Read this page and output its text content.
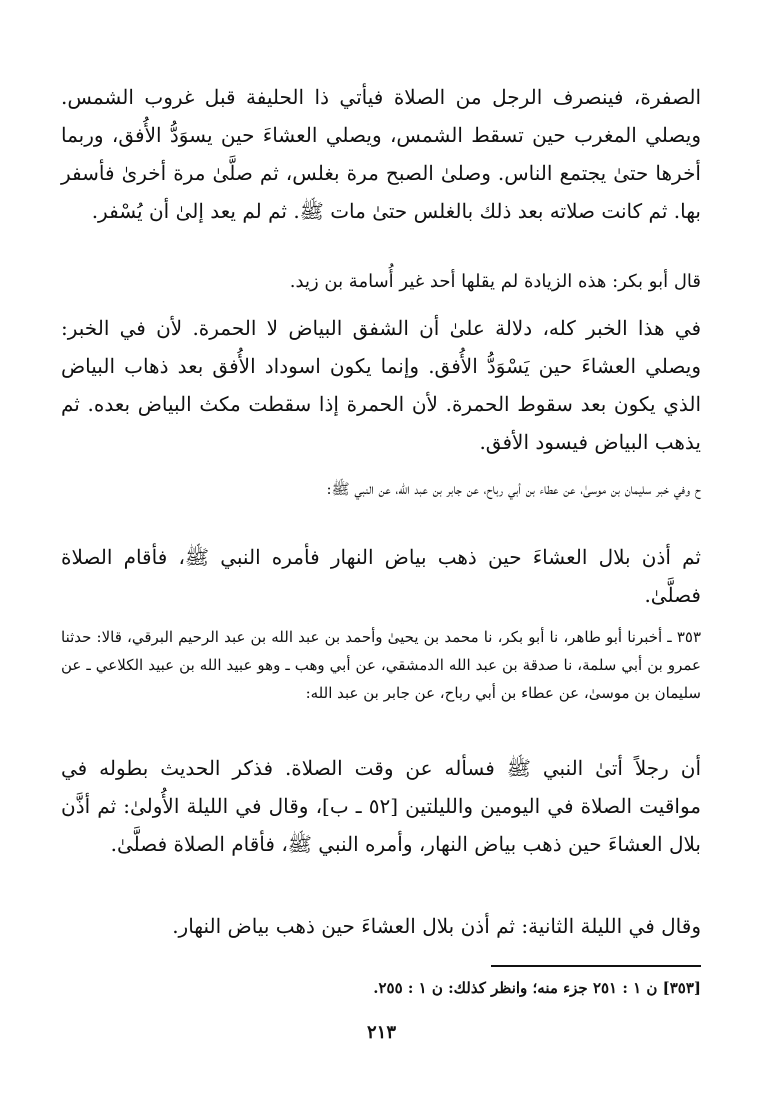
الصفرة، فينصرف الرجل من الصلاة فيأتي ذا الحليفة قبل غروب الشمس. ويصلي المغرب حين تسقط الشمس، ويصلي العشاءَ حين يسوَدُّ الأُفق، وربما أخرها حتىٰ يجتمع الناس. وصلىٰ الصبح مرة بغلس، ثم صلَّىٰ مرة أخرىٰ فأسفر بها. ثم كانت صلاته بعد ذلك بالغلس حتىٰ مات ﷺ. ثم لم يعد إلىٰ أن يُسْفر.
قال أبو بكر: هذه الزيادة لم يقلها أحد غير أُسامة بن زيد.
في هذا الخبر كله، دلالة علىٰ أن الشفق البياض لا الحمرة. لأن في الخبر: ويصلي العشاءَ حين يَسْوَدُّ الأُفق. وإنما يكون اسوداد الأُفق بعد ذهاب البياض الذي يكون بعد سقوط الحمرة. لأن الحمرة إذا سقطت مكث البياض بعده. ثم يذهب البياض فيسود الأفق.
ح وفي خبر سليمان بن موسىٰ، عن عطاء بن أبي رباح، عن جابر بن عبد الله، عن النبي ﷺ:
ثم أذن بلال العشاءَ حين ذهب بياض النهار فأمره النبي ﷺ، فأقام الصلاة فصلَّىٰ.
٣٥٣ ـ أخبرنا أبو طاهر، نا أبو بكر، نا محمد بن يحيىٰ وأحمد بن عبد الله بن عبد الرحيم البرقي، قالا: حدثنا عمرو بن أبي سلمة، نا صدقة بن عبد الله الدمشقي، عن أبي وهب ـ وهو عبيد الله بن عبيد الكلاعي ـ عن سليمان بن موسىٰ، عن عطاء بن أبي رباح، عن جابر بن عبد الله:
أن رجلاً أتىٰ النبي ﷺ فسأله عن وقت الصلاة. فذكر الحديث بطوله في مواقيت الصلاة في اليومين والليلتين [٥٢ ـ ب]، وقال في الليلة الأُولىٰ: ثم أذَّن بلال العشاءَ حين ذهب بياض النهار، وأمره النبي ﷺ، فأقام الصلاة فصلَّىٰ.
وقال في الليلة الثانية: ثم أذن بلال العشاءَ حين ذهب بياض النهار.
[٣٥٣] ن ١ : ٢٥١ جزء منه؛ وانظر كذلك: ن ١ : ٢٥٥.
٢١٣
